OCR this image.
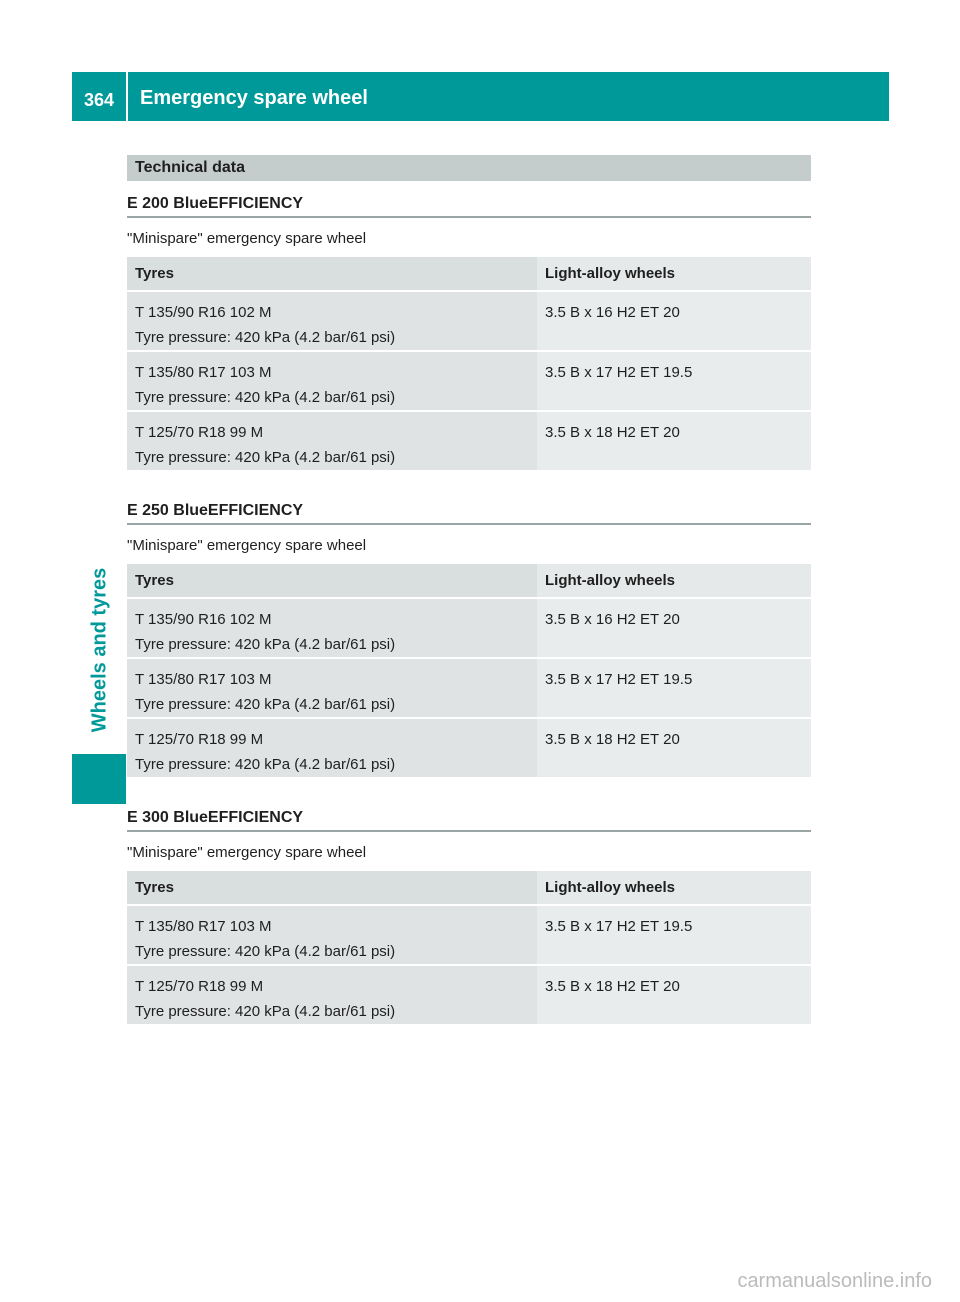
364	Emergency spare wheel
Wheels and tyres
Technical data
E 200 BlueEFFICIENCY
"Minispare" emergency spare wheel
Tyres	Light-alloy wheels

T 135/90 R16 102 M
Tyre pressure: 420 kPa (4.2 bar/61 psi)	3.5 B x 16 H2 ET 20

T 135/80 R17 103 M
Tyre pressure: 420 kPa (4.2 bar/61 psi)	3.5 B x 17 H2 ET 19.5

T 125/70 R18 99 M
Tyre pressure: 420 kPa (4.2 bar/61 psi)	3.5 B x 18 H2 ET 20
E 250 BlueEFFICIENCY
"Minispare" emergency spare wheel
Tyres	Light-alloy wheels

T 135/90 R16 102 M
Tyre pressure: 420 kPa (4.2 bar/61 psi)	3.5 B x 16 H2 ET 20

T 135/80 R17 103 M
Tyre pressure: 420 kPa (4.2 bar/61 psi)	3.5 B x 17 H2 ET 19.5

T 125/70 R18 99 M
Tyre pressure: 420 kPa (4.2 bar/61 psi)	3.5 B x 18 H2 ET 20
E 300 BlueEFFICIENCY
"Minispare" emergency spare wheel
Tyres	Light-alloy wheels

T 135/80 R17 103 M
Tyre pressure: 420 kPa (4.2 bar/61 psi)	3.5 B x 17 H2 ET 19.5

T 125/70 R18 99 M
Tyre pressure: 420 kPa (4.2 bar/61 psi)	3.5 B x 18 H2 ET 20
carmanualsonline.info
